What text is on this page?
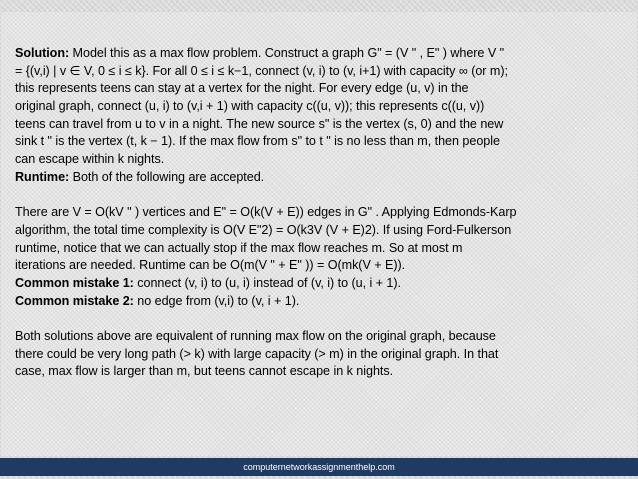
Solution: Model this as a max flow problem. Construct a graph G" = (V " , E" ) where V "
= {(v,i) | v ∈ V, 0 ≤ i ≤ k}. For all 0 ≤ i ≤ k−1, connect (v, i) to (v, i+1) with capacity ∞ (or m);
this represents teens can stay at a vertex for the night. For every edge (u, v) in the
original graph, connect (u, i) to (v,i + 1) with capacity c((u, v)); this represents c((u, v))
teens can travel from u to v in a night. The new source s" is the vertex (s, 0) and the new
sink t " is the vertex (t, k − 1). If the max flow from s" to t " is no less than m, then people
can escape within k nights.
Runtime: Both of the following are accepted.
There are V = O(kV " ) vertices and E" = O(k(V + E)) edges in G" . Applying Edmonds-Karp
algorithm, the total time complexity is O(V E"2) = O(k3V (V + E)2). If using Ford-Fulkerson
runtime, notice that we can actually stop if the max flow reaches m. So at most m
iterations are needed. Runtime can be O(m(V " + E" )) = O(mk(V + E)).
Common mistake 1: connect (v, i) to (u, i) instead of (v, i) to (u, i + 1).
Common mistake 2: no edge from (v,i) to (v, i + 1).
Both solutions above are equivalent of running max flow on the original graph, because
there could be very long path (> k) with large capacity (> m) in the original graph. In that
case, max flow is larger than m, but teens cannot escape in k nights.
computernetworkassignmenthelp.com
